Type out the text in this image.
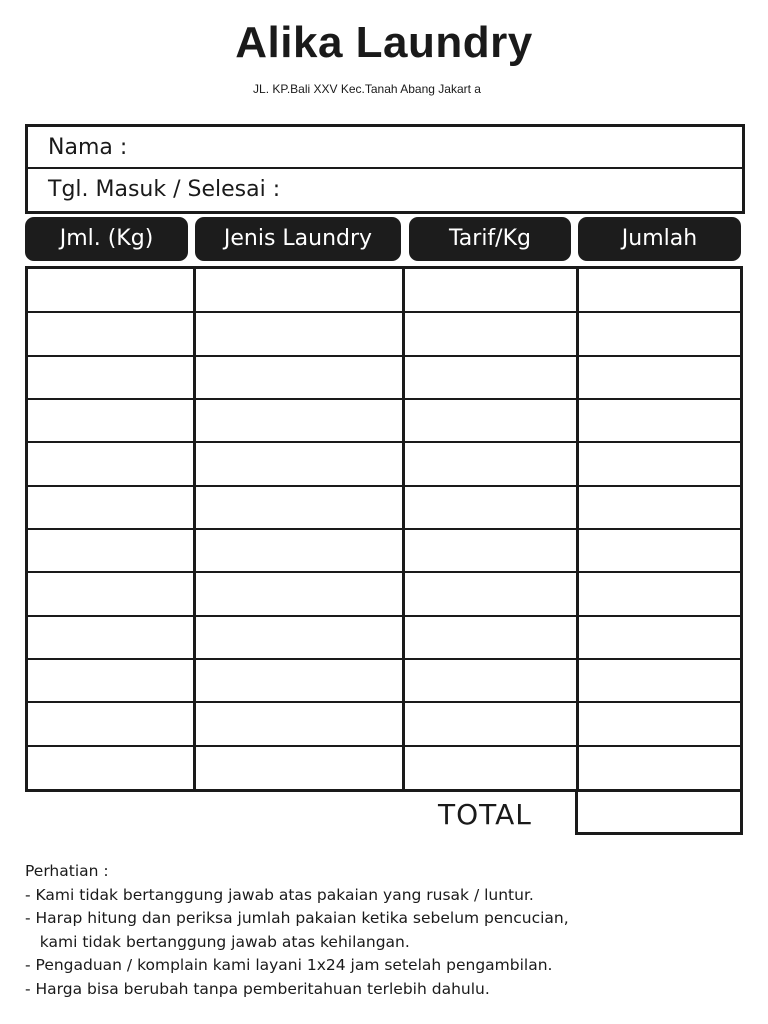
Alika Laundry
JL. KP.Bali XXV Kec.Tanah Abang Jakart a
Nama :
Tgl. Masuk / Selesai :
Jml. (Kg)	Jenis Laundry	Tarif/Kg	Jumlah
TOTAL
Perhatian :
- Kami tidak bertanggung jawab atas pakaian yang rusak / luntur.
- Harap hitung dan periksa jumlah pakaian ketika sebelum pencucian,
kami tidak bertanggung jawab atas kehilangan.
- Pengaduan / komplain kami layani 1x24 jam setelah pengambilan.
- Harga bisa berubah tanpa pemberitahuan terlebih dahulu.
